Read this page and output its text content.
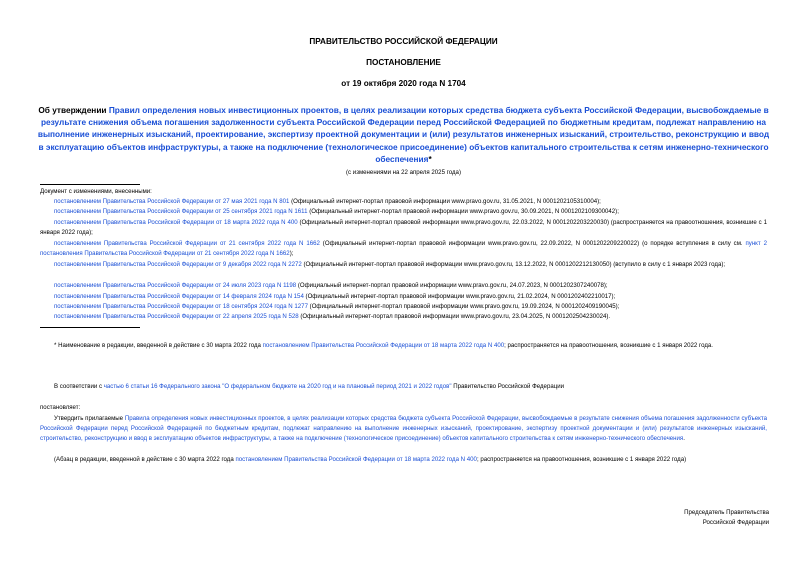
ПРАВИТЕЛЬСТВО РОССИЙСКОЙ ФЕДЕРАЦИИ
ПОСТАНОВЛЕНИЕ
от 19 октября 2020 года N 1704
Об утверждении Правил определения новых инвестиционных проектов, в целях реализации которых средства бюджета субъекта Российской Федерации, высвобождаемые в результате снижения объема погашения задолженности субъекта Российской Федерации перед Российской Федерацией по бюджетным кредитам, подлежат направлению на выполнение инженерных изысканий, проектирование, экспертизу проектной документации и (или) результатов инженерных изысканий, строительство, реконструкцию и ввод в эксплуатацию объектов инфраструктуры, а также на подключение (технологическое присоединение) объектов капитального строительства к сетям инженерно-технического обеспечения*
(с изменениями на 22 апреля 2025 года)
Документ с изменениями, внесенными:
постановлением Правительства Российской Федерации от 27 мая 2021 года N 801 (Официальный интернет-портал правовой информации www.pravo.gov.ru, 31.05.2021, N 0001202105310004);
постановлением Правительства Российской Федерации от 25 сентября 2021 года N 1611 (Официальный интернет-портал правовой информации www.pravo.gov.ru, 30.09.2021, N 0001202109300042);
постановлением Правительства Российской Федерации от 18 марта 2022 года N 400 (Официальный интернет-портал правовой информации www.pravo.gov.ru, 22.03.2022, N 0001202203220030) (распространяется на правоотношения, возникшие с 1 января 2022 года);
постановлением Правительства Российской Федерации от 21 сентября 2022 года N 1662 (Официальный интернет-портал правовой информации www.pravo.gov.ru, 22.09.2022, N 0001202209220022) (о порядке вступления в силу см. пункт 2 постановления Правительства Российской Федерации от 21 сентября 2022 года N 1662);
постановлением Правительства Российской Федерации от 9 декабря 2022 года N 2272 (Официальный интернет-портал правовой информации www.pravo.gov.ru, 13.12.2022, N 0001202212130050) (вступило в силу с 1 января 2023 года);
постановлением Правительства Российской Федерации от 24 июля 2023 года N 1198 (Официальный интернет-портал правовой информации www.pravo.gov.ru, 24.07.2023, N 0001202307240078);
постановлением Правительства Российской Федерации от 14 февраля 2024 года N 154 (Официальный интернет-портал правовой информации www.pravo.gov.ru, 21.02.2024, N 0001202402210017);
постановлением Правительства Российской Федерации от 18 сентября 2024 года N 1277 (Официальный интернет-портал правовой информации www.pravo.gov.ru, 19.09.2024, N 0001202409190045);
постановлением Правительства Российской Федерации от 22 апреля 2025 года N 528 (Официальный интернет-портал правовой информации www.pravo.gov.ru, 23.04.2025, N 0001202504230024).
* Наименование в редакции, введенной в действие с 30 марта 2022 года постановлением Правительства Российской Федерации от 18 марта 2022 года N 400; распространяется на правоотношения, возникшие с 1 января 2022 года.
В соответствии с частью 6 статьи 16 Федерального закона "О федеральном бюджете на 2020 год и на плановый период 2021 и 2022 годов" Правительство Российской Федерации
постановляет:
Утвердить прилагаемые Правила определения новых инвестиционных проектов, в целях реализации которых средства бюджета субъекта Российской Федерации, высвобождаемые в результате снижения объема погашения задолженности субъекта Российской Федерации перед Российской Федерацией по бюджетным кредитам, подлежат направлению на выполнение инженерных изысканий, проектирование, экспертизу проектной документации и (или) результатов инженерных изысканий, строительство, реконструкцию и ввод в эксплуатацию объектов инфраструктуры, а также на подключение (технологическое присоединение) объектов капитального строительства к сетям инженерно-технического обеспечения.
(Абзац в редакции, введенной в действие с 30 марта 2022 года постановлением Правительства Российской Федерации от 18 марта 2022 года N 400; распространяется на правоотношения, возникшие с 1 января 2022 года)
Председатель Правительства
Российской Федерации
